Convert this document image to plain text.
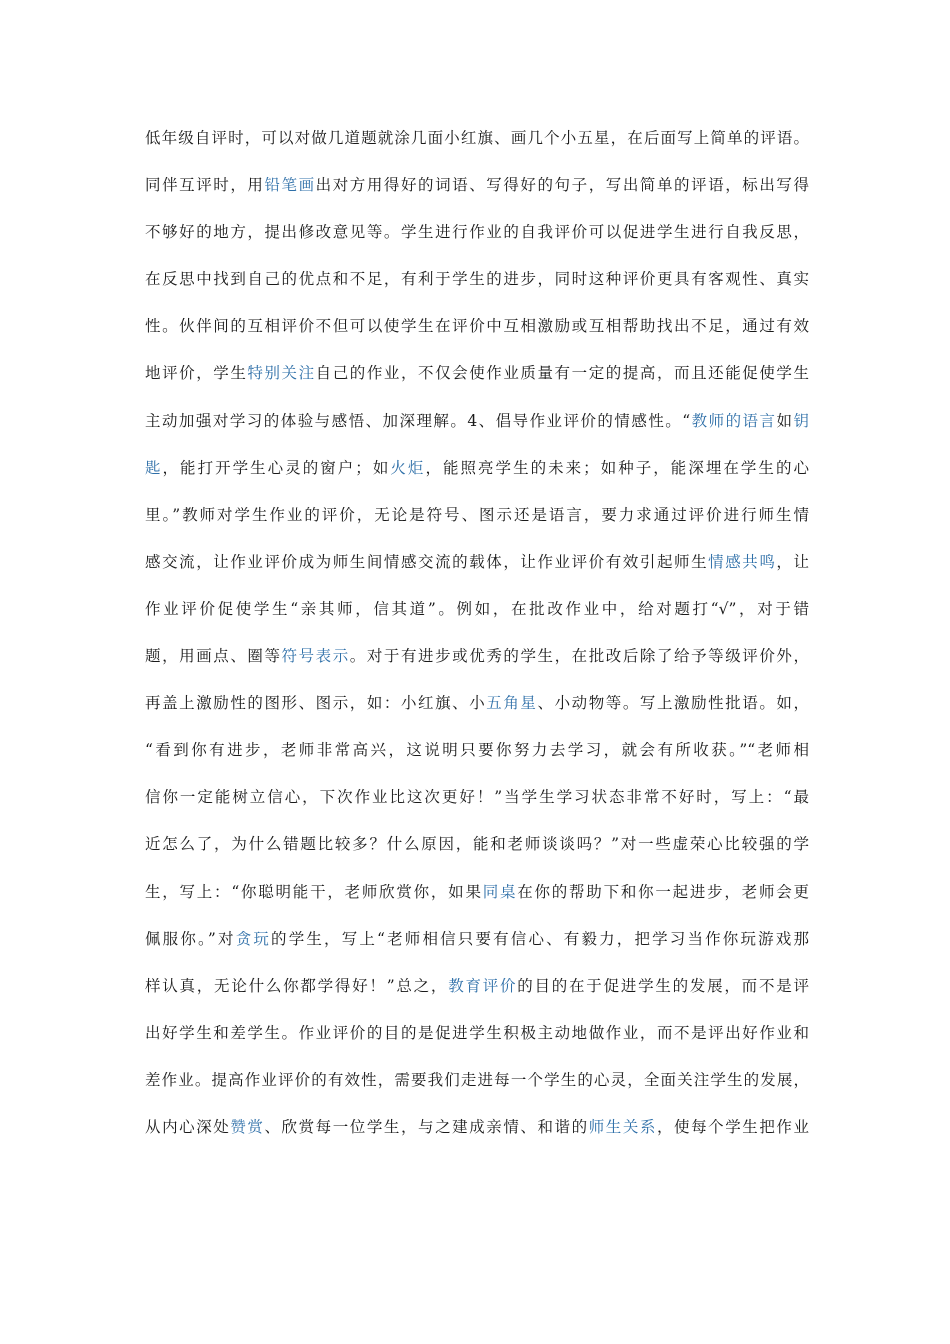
低年级自评时，可以对做几道题就涂几面小红旗、画几个小五星，在后面写上简单的评语。
同伴互评时，用铅笔画出对方用得好的词语、写得好的句子，写出简单的评语，标出写得
不够好的地方，提出修改意见等。学生进行作业的自我评价可以促进学生进行自我反思，
在反思中找到自己的优点和不足，有利于学生的进步，同时这种评价更具有客观性、真实
性。伙伴间的互相评价不但可以使学生在评价中互相激励或互相帮助找出不足，通过有效
地评价，学生特别关注自己的作业，不仅会使作业质量有一定的提高，而且还能促使学生
主动加强对学习的体验与感悟、加深理解。4、倡导作业评价的情感性。“教师的语言如钥
匙，能打开学生心灵的窗户；如火炬，能照亮学生的未来；如种子，能深埋在学生的心
里。”教师对学生作业的评价，无论是符号、图示还是语言，要力求通过评价进行师生情
感交流，让作业评价成为师生间情感交流的载体，让作业评价有效引起师生情感共鸣，让
作业评价促使学生“亲其师，信其道”。例如，在批改作业中，给对题打“√”，对于错
题，用画点、圈等符号表示。对于有进步或优秀的学生，在批改后除了给予等级评价外，
再盖上激励性的图形、图示，如：小红旗、小五角星、小动物等。写上激励性批语。如，
“看到你有进步，老师非常高兴，这说明只要你努力去学习，就会有所收获。”“老师相
信你一定能树立信心，下次作业比这次更好！”当学生学习状态非常不好时，写上：“最
近怎么了，为什么错题比较多？什么原因，能和老师谈谈吗？”对一些虚荣心比较强的学
生，写上：“你聪明能干，老师欣赏你，如果同桌在你的帮助下和你一起进步，老师会更
佩服你。”对贪玩的学生，写上“老师相信只要有信心、有毅力，把学习当作你玩游戏那
样认真，无论什么你都学得好！”总之，教育评价的目的在于促进学生的发展，而不是评
出好学生和差学生。作业评价的目的是促进学生积极主动地做作业，而不是评出好作业和
差作业。提高作业评价的有效性，需要我们走进每一个学生的心灵，全面关注学生的发展，
从内心深处赞赏、欣赏每一位学生，与之建成亲情、和谐的师生关系，使每个学生把作业
